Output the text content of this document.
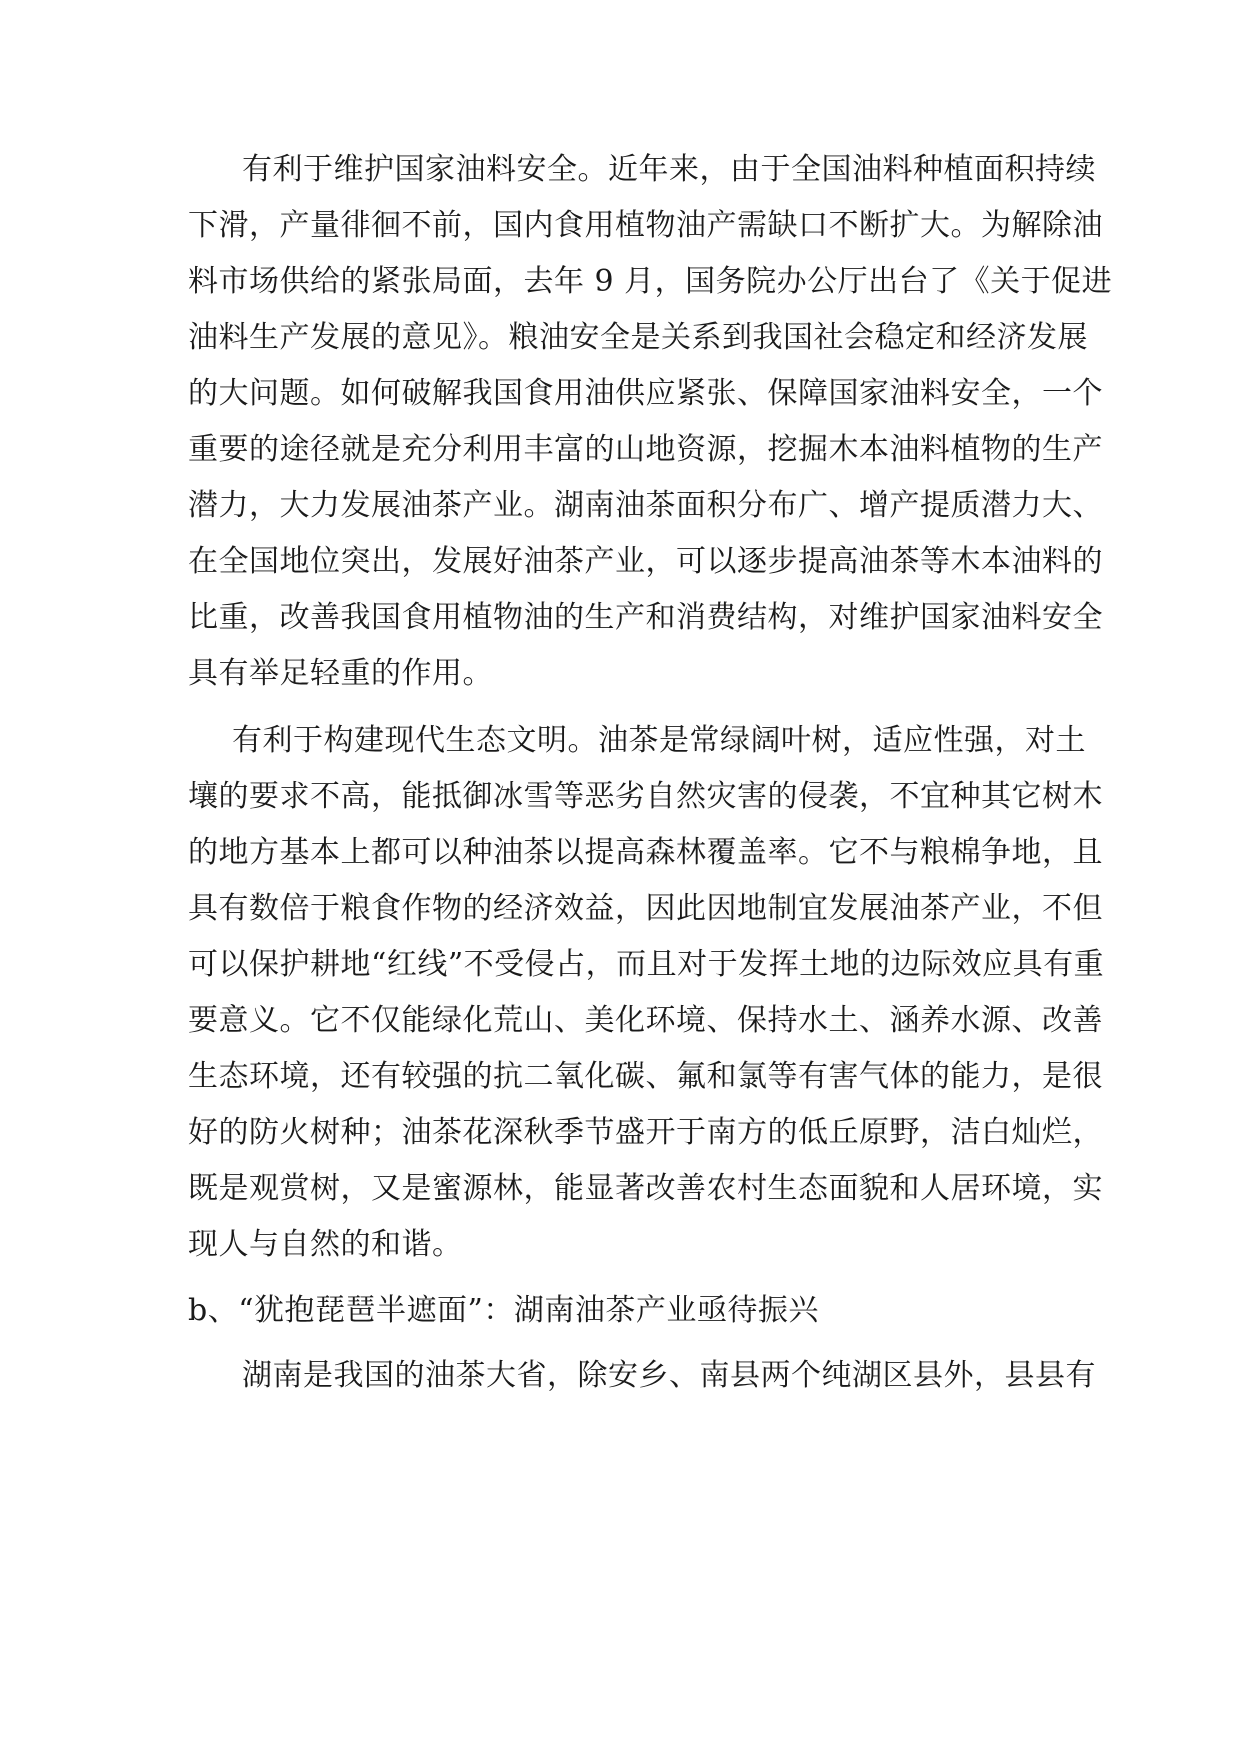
有利于维护国家油料安全。近年来，由于全国油料种植面积持续
下滑，产量徘徊不前，国内食用植物油产需缺口不断扩大。为解除油
料市场供给的紧张局面，去年 9 月，国务院办公厅出台了《关于促进
油料生产发展的意见》。粮油安全是关系到我国社会稳定和经济发展
的大问题。如何破解我国食用油供应紧张、保障国家油料安全，一个
重要的途径就是充分利用丰富的山地资源，挖掘木本油料植物的生产
潜力，大力发展油茶产业。湖南油茶面积分布广、增产提质潜力大、
在全国地位突出，发展好油茶产业，可以逐步提高油茶等木本油料的
比重，改善我国食用植物油的生产和消费结构，对维护国家油料安全
具有举足轻重的作用。
有利于构建现代生态文明。油茶是常绿阔叶树，适应性强，对土
壤的要求不高，能抵御冰雪等恶劣自然灾害的侵袭，不宜种其它树木
的地方基本上都可以种油茶以提高森林覆盖率。它不与粮棉争地，且
具有数倍于粮食作物的经济效益，因此因地制宜发展油茶产业，不但
可以保护耕地“红线”不受侵占，而且对于发挥土地的边际效应具有重
要意义。它不仅能绿化荒山、美化环境、保持水土、涵养水源、改善
生态环境，还有较强的抗二氧化碳、氟和氯等有害气体的能力，是很
好的防火树种；油茶花深秋季节盛开于南方的低丘原野，洁白灿烂，
既是观赏树，又是蜜源林，能显著改善农村生态面貌和人居环境，实
现人与自然的和谐。
b、“犹抱琵琶半遮面”：湖南油茶产业亟待振兴
湖南是我国的油茶大省，除安乡、南县两个纯湖区县外，县县有
